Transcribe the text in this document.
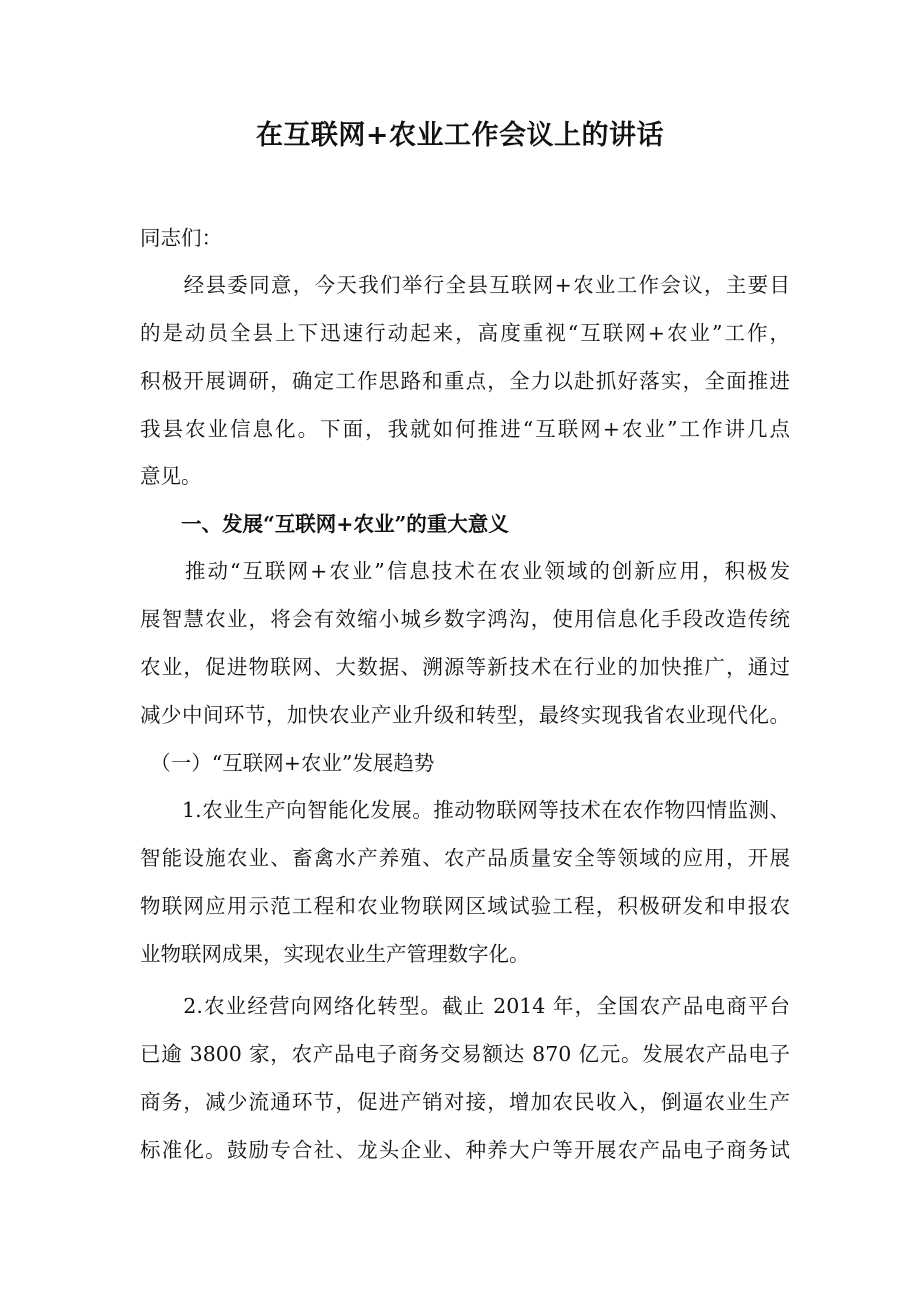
在互联网+农业工作会议上的讲话
同志们：
　　经县委同意，今天我们举行全县互联网+农业工作会议，主要目
的是动员全县上下迅速行动起来，高度重视“互联网+农业”工作，
积极开展调研，确定工作思路和重点，全力以赴抓好落实，全面推进
我县农业信息化。下面，我就如何推进“互联网+农业”工作讲几点
意见。
　　一、发展“互联网+农业”的重大意义
　　推动“互联网+农业”信息技术在农业领域的创新应用，积极发
展智慧农业，将会有效缩小城乡数字鸿沟，使用信息化手段改造传统
农业，促进物联网、大数据、溯源等新技术在行业的加快推广，通过
减少中间环节，加快农业产业升级和转型，最终实现我省农业现代化。
　（一）“互联网+农业”发展趋势
　　1.农业生产向智能化发展。推动物联网等技术在农作物四情监测、
智能设施农业、畜禽水产养殖、农产品质量安全等领域的应用，开展
物联网应用示范工程和农业物联网区域试验工程，积极研发和申报农
业物联网成果，实现农业生产管理数字化。
　　2.农业经营向网络化转型。截止 2014 年，全国农产品电商平台
已逾 3800 家，农产品电子商务交易额达 870 亿元。发展农产品电子
商务，减少流通环节，促进产销对接，增加农民收入，倒逼农业生产
标准化。鼓励专合社、龙头企业、种养大户等开展农产品电子商务试
